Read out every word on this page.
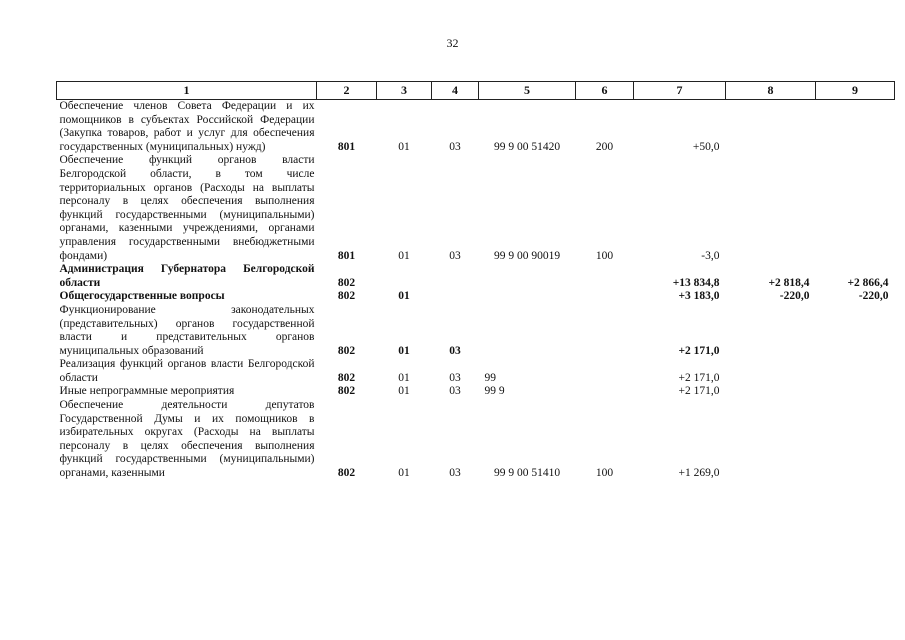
32
1	2	3	4	5	6	7	8	9
Обеспечение членов Совета Федерации и их помощников в субъектах Российской Федерации (Закупка товаров, работ и услуг для обеспечения государственных (муниципальных) нужд)	801	01	03	99 9 00 51420	200	+50,0		
Обеспечение функций органов власти Белгородской области, в том числе территориальных органов (Расходы на выплаты персоналу в целях обеспечения выполнения функций государственными (муниципальными) органами, казенными учреждениями, органами управления государственными внебюджетными фондами)	801	01	03	99 9 00 90019	100	-3,0		
Администрация Губернатора Белгородской области	802					+13 834,8	+2 818,4	+2 866,4
Общегосударственные вопросы	802	01				+3 183,0	-220,0	-220,0
Функционирование законодательных (представительных) органов государственной власти и представительных органов муниципальных образований	802	01	03			+2 171,0		
Реализация функций органов власти Белгородской области	802	01	03	99		+2 171,0		
Иные непрограммные мероприятия	802	01	03	99 9		+2 171,0		
Обеспечение деятельности депутатов Государственной Думы и их помощников в избирательных округах (Расходы на выплаты персоналу в целях обеспечения выполнения функций государственными (муниципальными) органами, казенными	802	01	03	99 9 00 51410	100	+1 269,0		
